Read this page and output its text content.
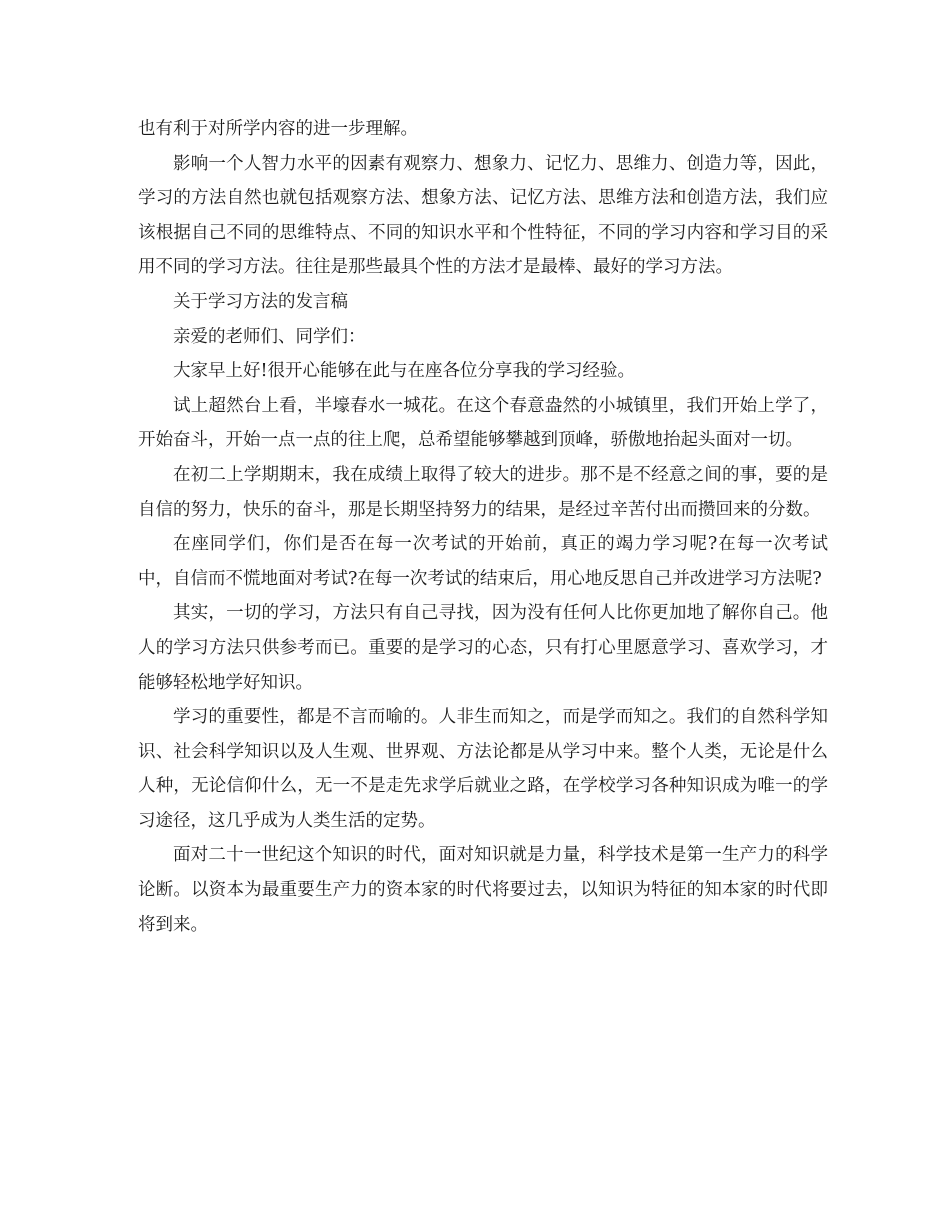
也有利于对所学内容的进一步理解。

影响一个人智力水平的因素有观察力、想象力、记忆力、思维力、创造力等，因此，学习的方法自然也就包括观察方法、想象方法、记忆方法、思维方法和创造方法，我们应该根据自己不同的思维特点、不同的知识水平和个性特征，不同的学习内容和学习目的采用不同的学习方法。往往是那些最具个性的方法才是最棒、最好的学习方法。

关于学习方法的发言稿

亲爱的老师们、同学们：

大家早上好!很开心能够在此与在座各位分享我的学习经验。

试上超然台上看，半壕春水一城花。在这个春意盎然的小城镇里，我们开始上学了，开始奋斗，开始一点一点的往上爬，总希望能够攀越到顶峰，骄傲地抬起头面对一切。

在初二上学期期末，我在成绩上取得了较大的进步。那不是不经意之间的事，要的是自信的努力，快乐的奋斗，那是长期坚持努力的结果，是经过辛苦付出而攒回来的分数。

在座同学们，你们是否在每一次考试的开始前，真正的竭力学习呢?在每一次考试中，自信而不慌地面对考试?在每一次考试的结束后，用心地反思自己并改进学习方法呢?

其实，一切的学习，方法只有自己寻找，因为没有任何人比你更加地了解你自己。他人的学习方法只供参考而已。重要的是学习的心态，只有打心里愿意学习、喜欢学习，才能够轻松地学好知识。

学习的重要性，都是不言而喻的。人非生而知之，而是学而知之。我们的自然科学知识、社会科学知识以及人生观、世界观、方法论都是从学习中来。整个人类，无论是什么人种，无论信仰什么，无一不是走先求学后就业之路，在学校学习各种知识成为唯一的学习途径，这几乎成为人类生活的定势。

面对二十一世纪这个知识的时代，面对知识就是力量，科学技术是第一生产力的科学论断。以资本为最重要生产力的资本家的时代将要过去，以知识为特征的知本家的时代即将到来。
